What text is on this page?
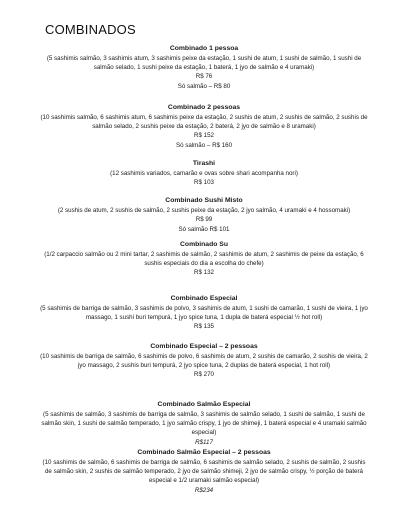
COMBINADOS
Combinado 1 pessoa
(5 sashimis salmão, 3 sashimis atum, 3 sashimis peixe da estação, 1 sushi de atum, 1 sushi de salmão, 1 sushi de salmão selado, 1 sushi peixe da estação, 1 baterá, 1 jyo de salmão e 4 uramaki)
R$ 76
Só salmão – R$ 80
Combinado 2 pessoas
(10 sashimis salmão, 6 sashimis atum, 6 sashimis peixe da estação, 2 sushis de atum, 2 sushis de salmão, 2 sushis de salmão selado, 2 sushis peixe da estação, 2 baterá, 2 jyo de salmão e 8 uramaki)
R$ 152
Só salmão – R$ 160
Tirashi
(12 sashimis variados, camarão e ovas sobre shari acompanha nori)
R$ 103
Combinado Sushi Misto
(2 sushis de atum, 2 sushis de salmão, 2 sushis peixe da estação, 2 jyo salmão, 4 uramaki e 4 hossomaki)
R$ 99
Só salmão R$ 101
Combinado Su
(1/2 carpaccio salmão ou 2 mini tartar, 2 sashimis de salmão, 2 sashimis de atum, 2 sashimis de peixe da estação, 6 sushis especiais do dia a escolha do chefe)
R$ 132
Combinado Especial
(5 sashimis de barriga de salmão, 3 sashimis de polvo, 3 sashimis de atum, 1 sushi de camarão, 1 sushi de vieira, 1 jyo massago, 1 sushi buri tempurá, 1 jyo spice tuna, 1 dupla de baterá especial ½ hot roll)
R$ 135
Combinado Especial – 2 pessoas
(10 sashimis de barriga de salmão, 6 sashimis de polvo, 6 sashimis de atum, 2 sushis de camarão, 2 sushis de vieira, 2 jyo massago, 2 sushis buri tempurá, 2 jyo spice tuna, 2 duplas de baterá especial, 1 hot roll)
R$ 270
Combinado Salmão Especial
(5 sashimis de salmão, 3 sashimis de barriga de salmão, 3 sashimis de salmão selado, 1 sushi de salmão, 1 sushi de salmão skin, 1 sushi de salmão temperado, 1 jyo salmão crispy, 1 jyo de shimeji, 1 baterá especial e 4 uramaki salmão especial)
R$117
Combinado Salmão Especial – 2 pessoas
(10 sashimis de salmão, 6 sashimis de barriga de salmão, 6 sashimis de salmão selado, 2 sushis de salmão, 2 sushis de salmão skin, 2 sushis de salmão temperado, 2 jyo de salmão shimeji, 2 jyo de salmão crispy, ½ porção de baterá especial e 1/2 uramaki salmão especial)
R$234
